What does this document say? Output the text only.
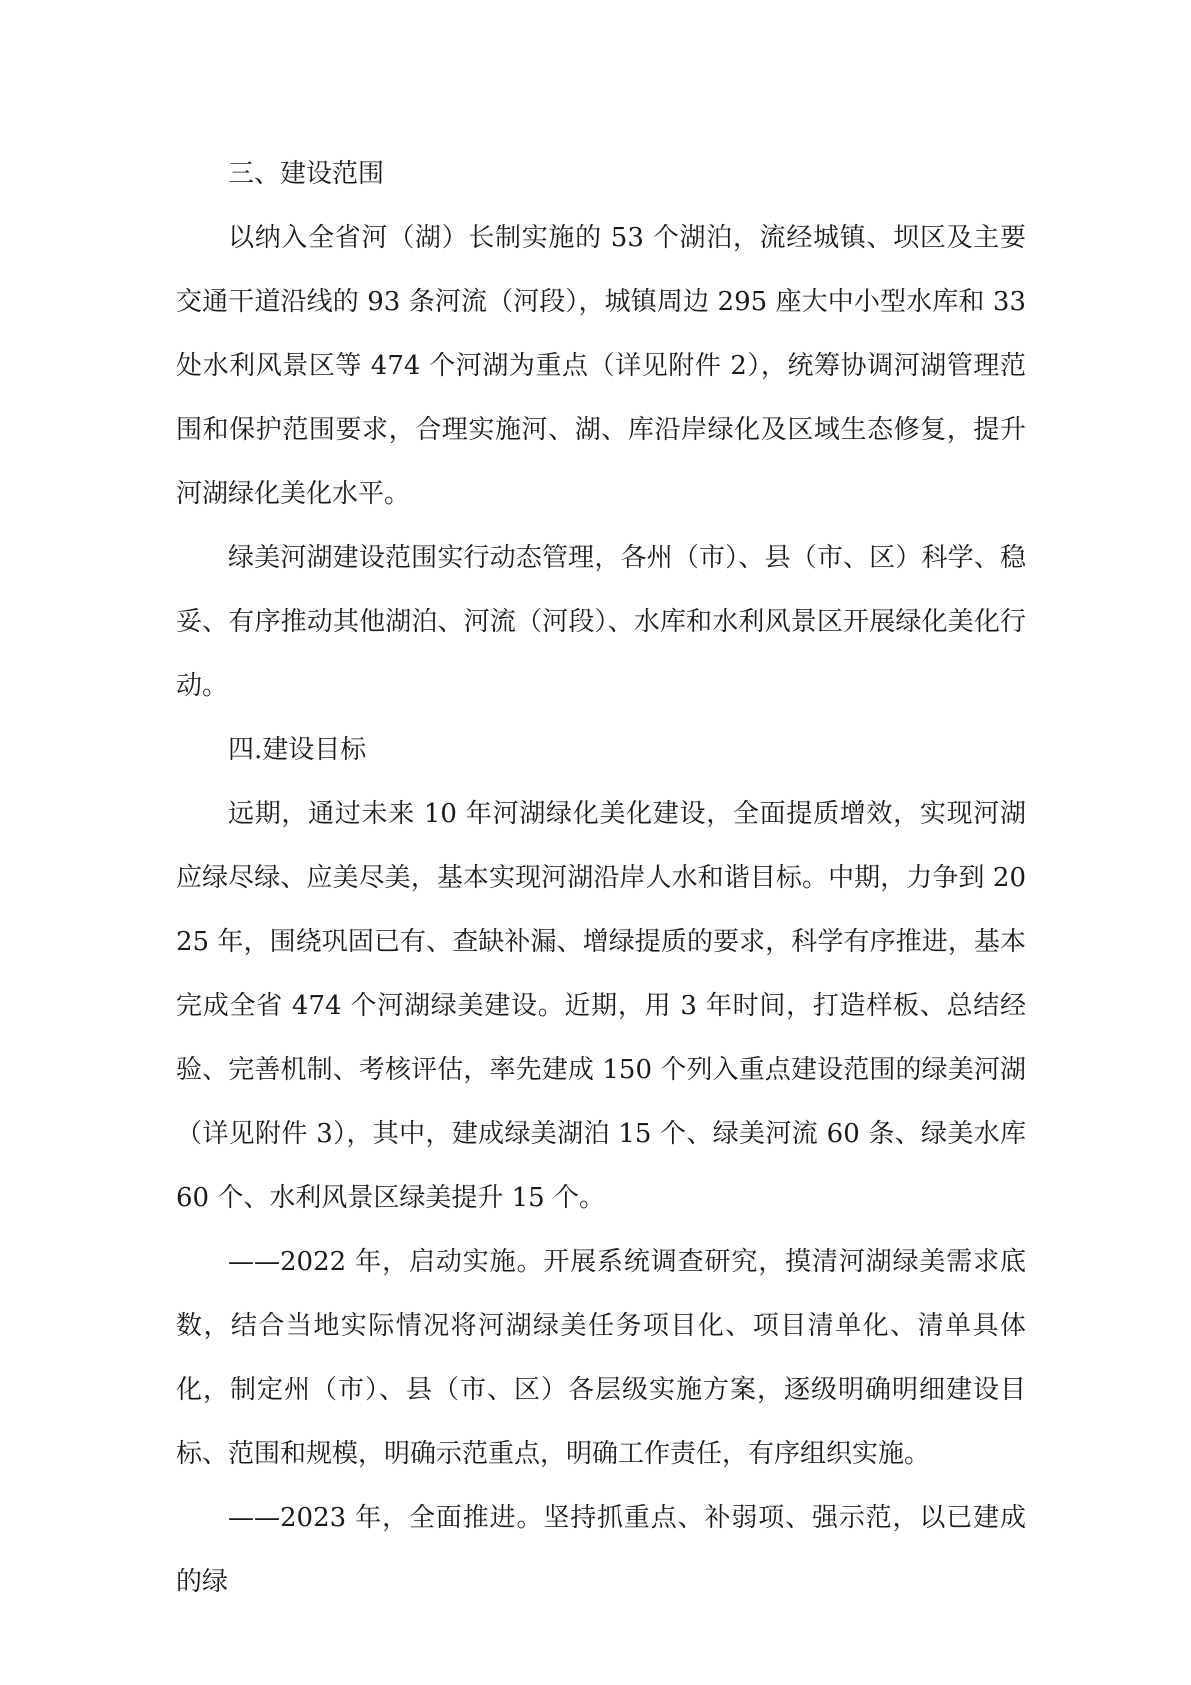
三、建设范围

以纳入全省河（湖）长制实施的 53 个湖泊，流经城镇、坝区及主要交通干道沿线的 93 条河流（河段），城镇周边 295 座大中小型水库和 33 处水利风景区等 474 个河湖为重点（详见附件 2），统筹协调河湖管理范围和保护范围要求，合理实施河、湖、库沿岸绿化及区域生态修复，提升河湖绿化美化水平。

绿美河湖建设范围实行动态管理，各州（市）、县（市、区）科学、稳妥、有序推动其他湖泊、河流（河段）、水库和水利风景区开展绿化美化行动。

四.建设目标

远期，通过未来 10 年河湖绿化美化建设，全面提质增效，实现河湖应绿尽绿、应美尽美，基本实现河湖沿岸人水和谐目标。中期，力争到 2025 年，围绕巩固已有、查缺补漏、增绿提质的要求，科学有序推进，基本完成全省 474 个河湖绿美建设。近期，用 3 年时间，打造样板、总结经验、完善机制、考核评估，率先建成 150 个列入重点建设范围的绿美河湖（详见附件 3），其中，建成绿美湖泊 15 个、绿美河流 60 条、绿美水库 60 个、水利风景区绿美提升 15 个。

——2022 年，启动实施。开展系统调查研究，摸清河湖绿美需求底数，结合当地实际情况将河湖绿美任务项目化、项目清单化、清单具体化，制定州（市）、县（市、区）各层级实施方案，逐级明确明细建设目标、范围和规模，明确示范重点，明确工作责任，有序组织实施。

——2023 年，全面推进。坚持抓重点、补弱项、强示范，以已建成的绿
